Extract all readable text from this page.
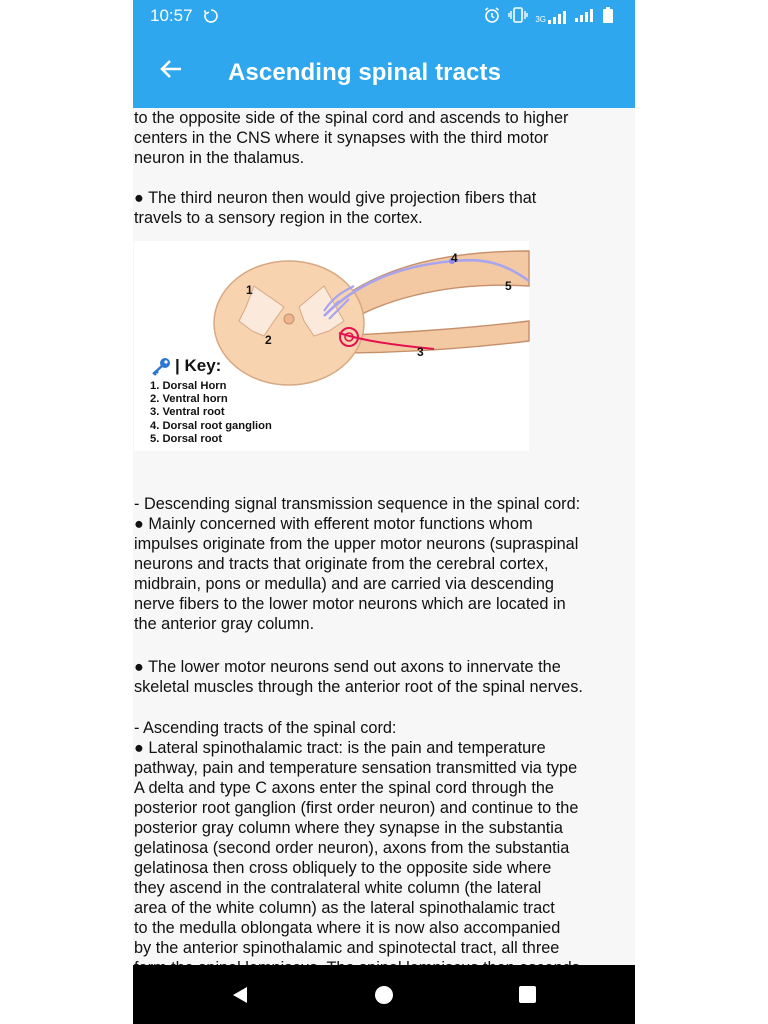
10:57	3G
Ascending spinal tracts
to the opposite side of the spinal cord and ascends to higher
centers in the CNS where it synapses with the third motor
neuron in the thalamus.
● The third neuron then would give projection fibers that
travels to a sensory region in the cortex.
1
2
3
4
5
| Key:
1. Dorsal Horn
2. Ventral horn
3. Ventral root
4. Dorsal root ganglion
5. Dorsal root
- Descending signal transmission sequence in the spinal cord:
● Mainly concerned with efferent motor functions whom
impulses originate from the upper motor neurons (supraspinal
neurons and tracts that originate from the cerebral cortex,
midbrain, pons or medulla) and are carried via descending
nerve fibers to the lower motor neurons which are located in
the anterior gray column.
● The lower motor neurons send out axons to innervate the
skeletal muscles through the anterior root of the spinal nerves.
- Ascending tracts of the spinal cord:
● Lateral spinothalamic tract: is the pain and temperature
pathway, pain and temperature sensation transmitted via type
A delta and type C axons enter the spinal cord through the
posterior root ganglion (first order neuron) and continue to the
posterior gray column where they synapse in the substantia
gelatinosa (second order neuron), axons from the substantia
gelatinosa then cross obliquely to the opposite side where
they ascend in the contralateral white column (the lateral
area of the white column) as the lateral spinothalamic tract
to the medulla oblongata where it is now also accompanied
by the anterior spinothalamic and spinotectal tract, all three
